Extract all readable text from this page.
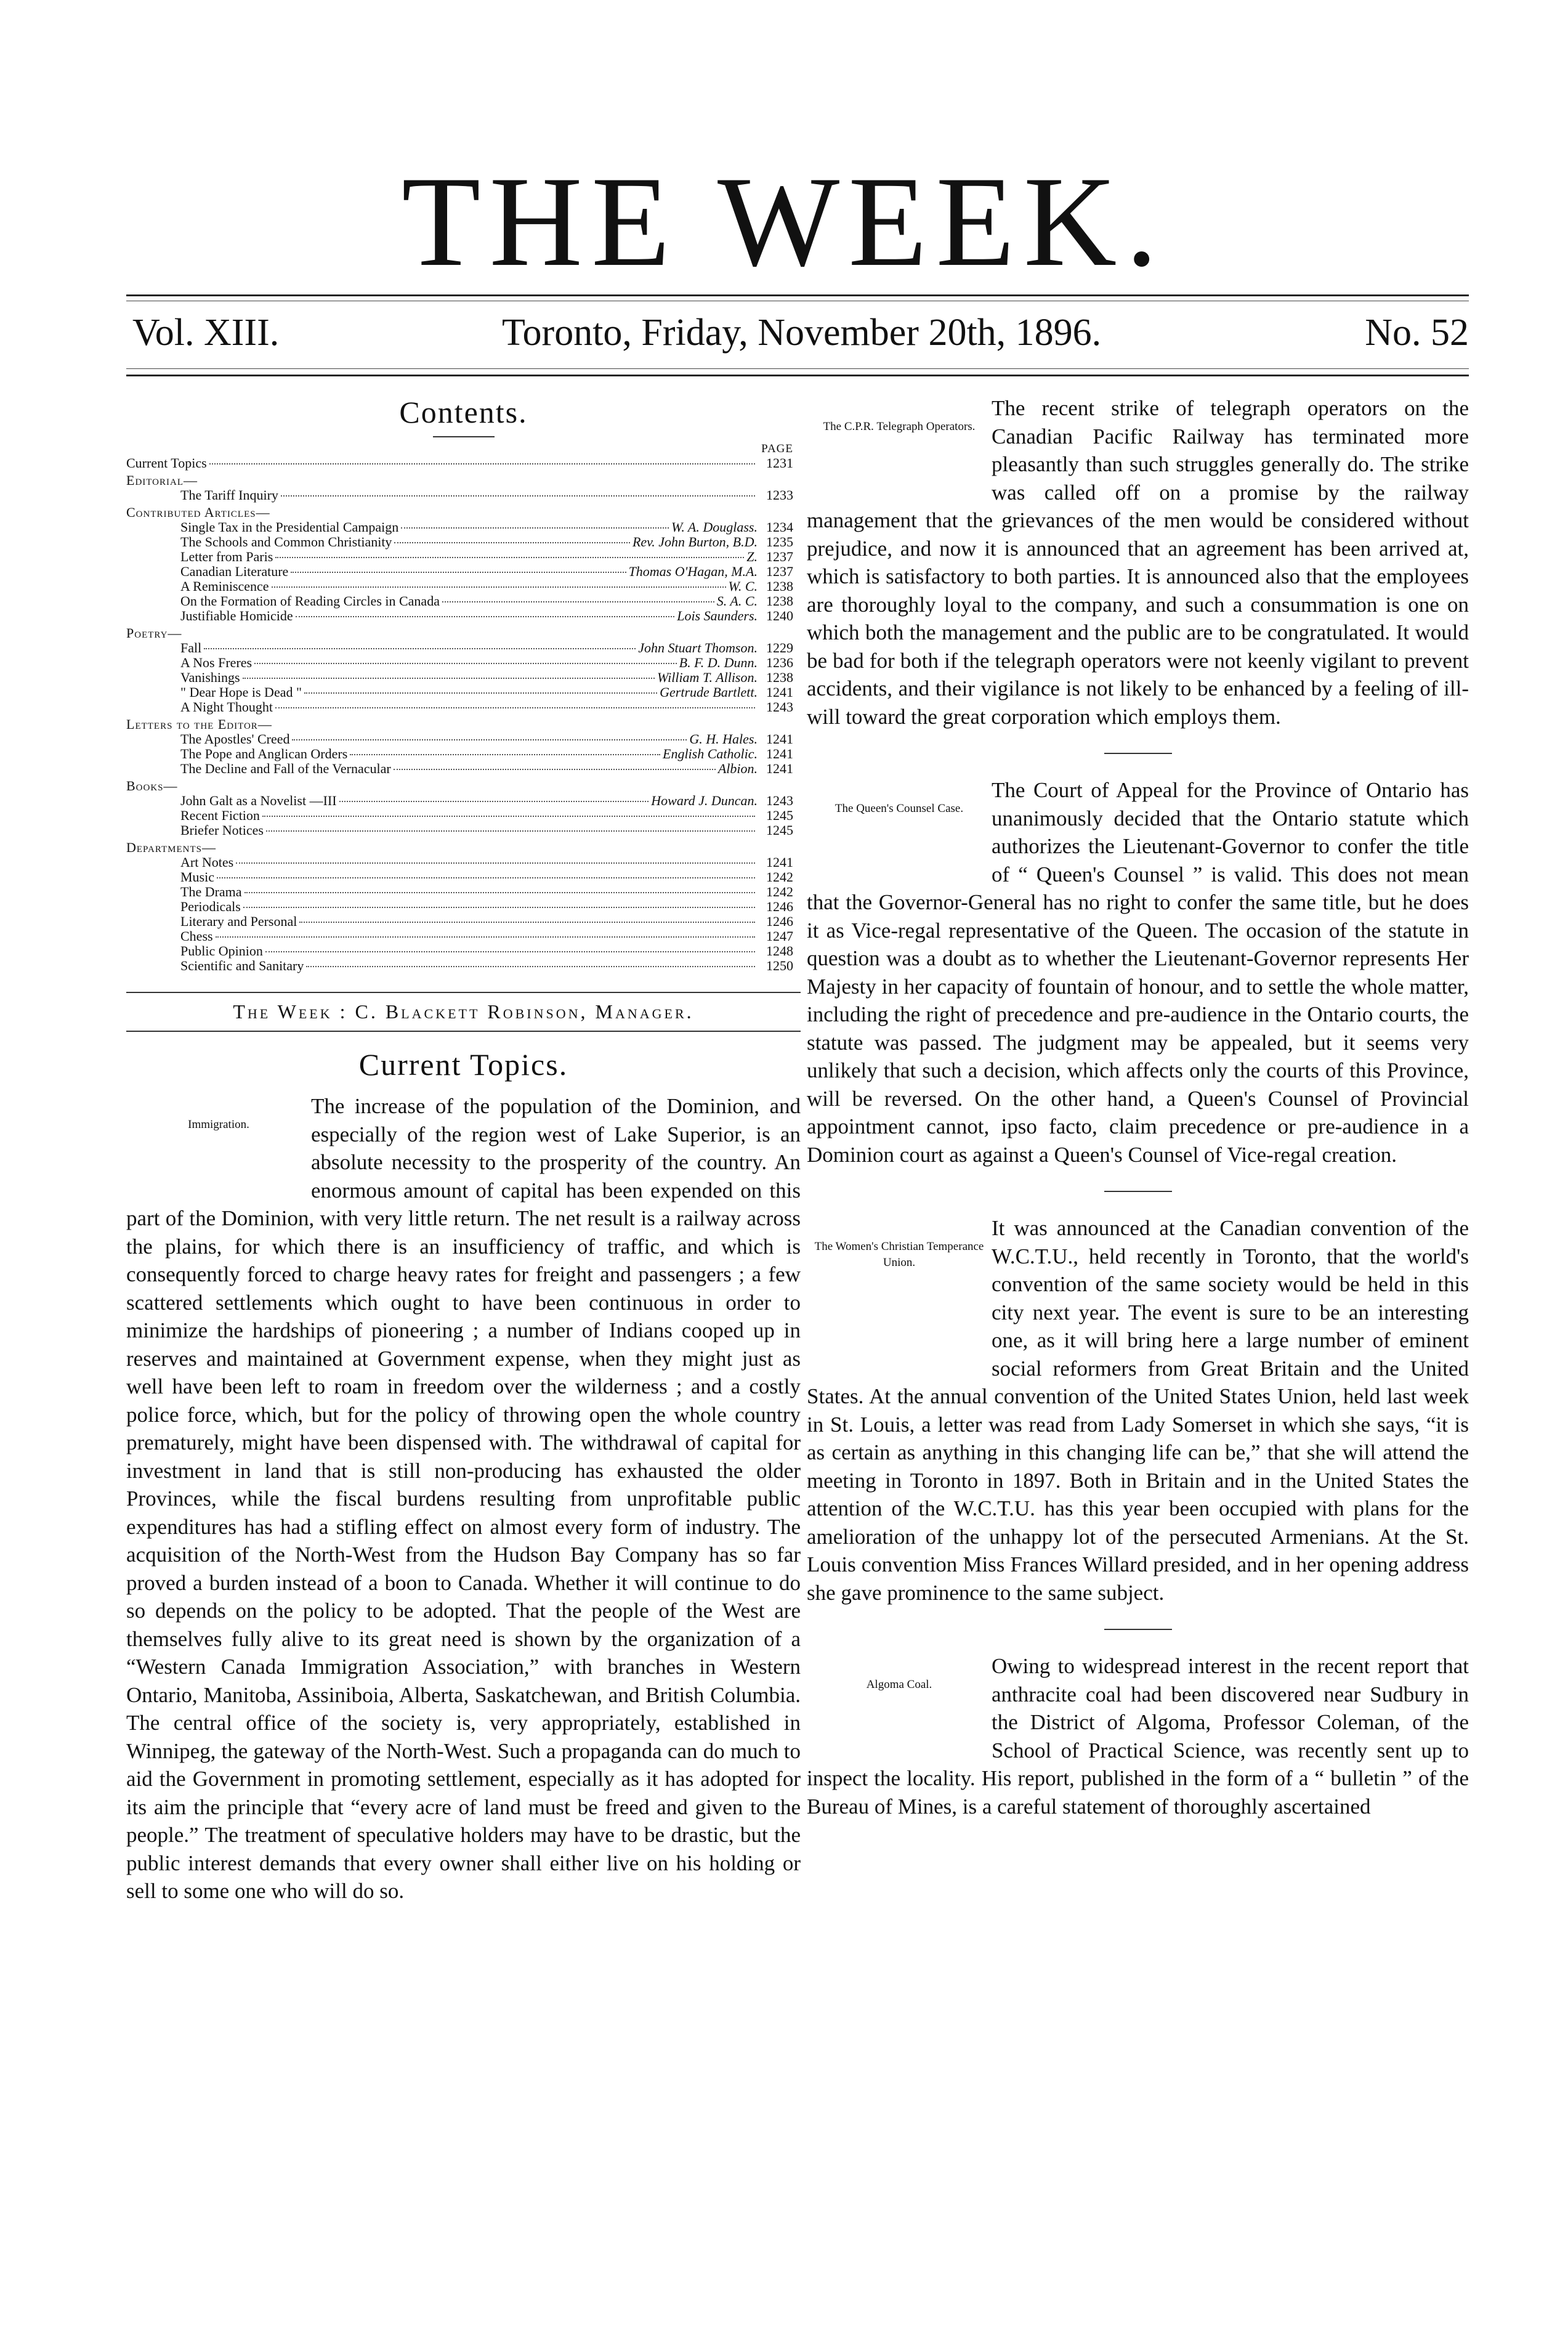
THE WEEK.
Vol. XIII.	Toronto, Friday, November 20th, 1896.	No. 52
Contents.
PAGE
Current Topics	1231
Editorial—
The Tariff Inquiry	1233
Contributed Articles—
Single Tax in the Presidential Campaign	W. A. Douglass. 1234
The Schools and Common Christianity	Rev. John Burton, B.D. 1235
Letter from Paris	Z. 1237
Canadian Literature	Thomas O'Hagan, M.A. 1237
A Reminiscence	W. C. 1238
On the Formation of Reading Circles in Canada	S. A. C. 1238
Justifiable Homicide	Lois Saunders. 1240
Poetry—
Fall	John Stuart Thomson. 1229
A Nos Freres	B. F. D. Dunn. 1236
Vanishings	William T. Allison. 1238
" Dear Hope is Dead "	Gertrude Bartlett. 1241
A Night Thought	1243
Letters to the Editor—
The Apostles' Creed	G. H. Hales. 1241
The Pope and Anglican Orders	English Catholic. 1241
The Decline and Fall of the Vernacular	Albion. 1241
Books—
John Galt as a Novelist —III	Howard J. Duncan. 1243
Recent Fiction	1245
Briefer Notices	1245
Departments—
Art Notes	1241
Music	1242
The Drama	1242
Periodicals	1246
Literary and Personal	1246
Chess	1247
Public Opinion	1248
Scientific and Sanitary	1250
The Week : C. Blackett Robinson, Manager.
Current Topics.
Immigration.

The increase of the population of the Dominion, and especially of the region west of Lake Superior, is an absolute necessity to the prosperity of the country. An enormous amount of capital has been expended on this part of the Dominion, with very little return. The net result is a railway across the plains, for which there is an insufficiency of traffic, and which is consequently forced to charge heavy rates for freight and passengers ; a few scattered settlements which ought to have been continuous in order to minimize the hardships of pioneering ; a number of Indians cooped up in reserves and maintained at Government expense, when they might just as well have been left to roam in freedom over the wilderness ; and a costly police force, which, but for the policy of throwing open the whole country prematurely, might have been dispensed with. The withdrawal of capital for investment in land that is still non-producing has exhausted the older Provinces, while the fiscal burdens resulting from unprofitable public expenditures has had a stifling effect on almost every form of industry. The acquisition of the North-West from the Hudson Bay Company has so far proved a burden instead of a boon to Canada. Whether it will continue to do so depends on the policy to be adopted. That the people of the West are themselves fully alive to its great need is shown by the organization of a “Western Canada Immigration Association,” with branches in Western Ontario, Manitoba, Assiniboia, Alberta, Saskatchewan, and British Columbia. The central office of the society is, very appropriately, established in Winnipeg, the gateway of the North-West. Such a propaganda can do much to aid the Government in promoting settlement, especially as it has adopted for its aim the principle that “every acre of land must be freed and given to the people.” The treatment of speculative holders may have to be drastic, but the public interest demands that every owner shall either live on his holding or sell to some one who will do so.

The C.P.R. Telegraph Operators.

The recent strike of telegraph operators on the Canadian Pacific Railway has terminated more pleasantly than such struggles generally do. The strike was called off on a promise by the railway management that the grievances of the men would be considered without prejudice, and now it is announced that an agreement has been arrived at, which is satisfactory to both parties. It is announced also that the employees are thoroughly loyal to the company, and such a consummation is one on which both the management and the public are to be congratulated. It would be bad for both if the telegraph operators were not keenly vigilant to prevent accidents, and their vigilance is not likely to be enhanced by a feeling of ill-will toward the great corporation which employs them.

The Queen's Counsel Case.

The Court of Appeal for the Province of Ontario has unanimously decided that the Ontario statute which authorizes the Lieutenant-Governor to confer the title of “ Queen's Counsel ” is valid. This does not mean that the Governor-General has no right to confer the same title, but he does it as Vice-regal representative of the Queen. The occasion of the statute in question was a doubt as to whether the Lieutenant-Governor represents Her Majesty in her capacity of fountain of honour, and to settle the whole matter, including the right of precedence and pre-audience in the Ontario courts, the statute was passed. The judgment may be appealed, but it seems very unlikely that such a decision, which affects only the courts of this Province, will be reversed. On the other hand, a Queen's Counsel of Provincial appointment cannot, ipso facto, claim precedence or pre-audience in a Dominion court as against a Queen's Counsel of Vice-regal creation.

The Women's Christian Temperance Union.

It was announced at the Canadian convention of the W.C.T.U., held recently in Toronto, that the world's convention of the same society would be held in this city next year. The event is sure to be an interesting one, as it will bring here a large number of eminent social reformers from Great Britain and the United States. At the annual convention of the United States Union, held last week in St. Louis, a letter was read from Lady Somerset in which she says, “it is as certain as anything in this changing life can be,” that she will attend the meeting in Toronto in 1897. Both in Britain and in the United States the attention of the W.C.T.U. has this year been occupied with plans for the amelioration of the unhappy lot of the persecuted Armenians. At the St. Louis convention Miss Frances Willard presided, and in her opening address she gave prominence to the same subject.

Algoma Coal.

Owing to widespread interest in the recent report that anthracite coal had been discovered near Sudbury in the District of Algoma, Professor Coleman, of the School of Practical Science, was recently sent up to inspect the locality. His report, published in the form of a “ bulletin ” of the Bureau of Mines, is a careful statement of thoroughly ascertained
